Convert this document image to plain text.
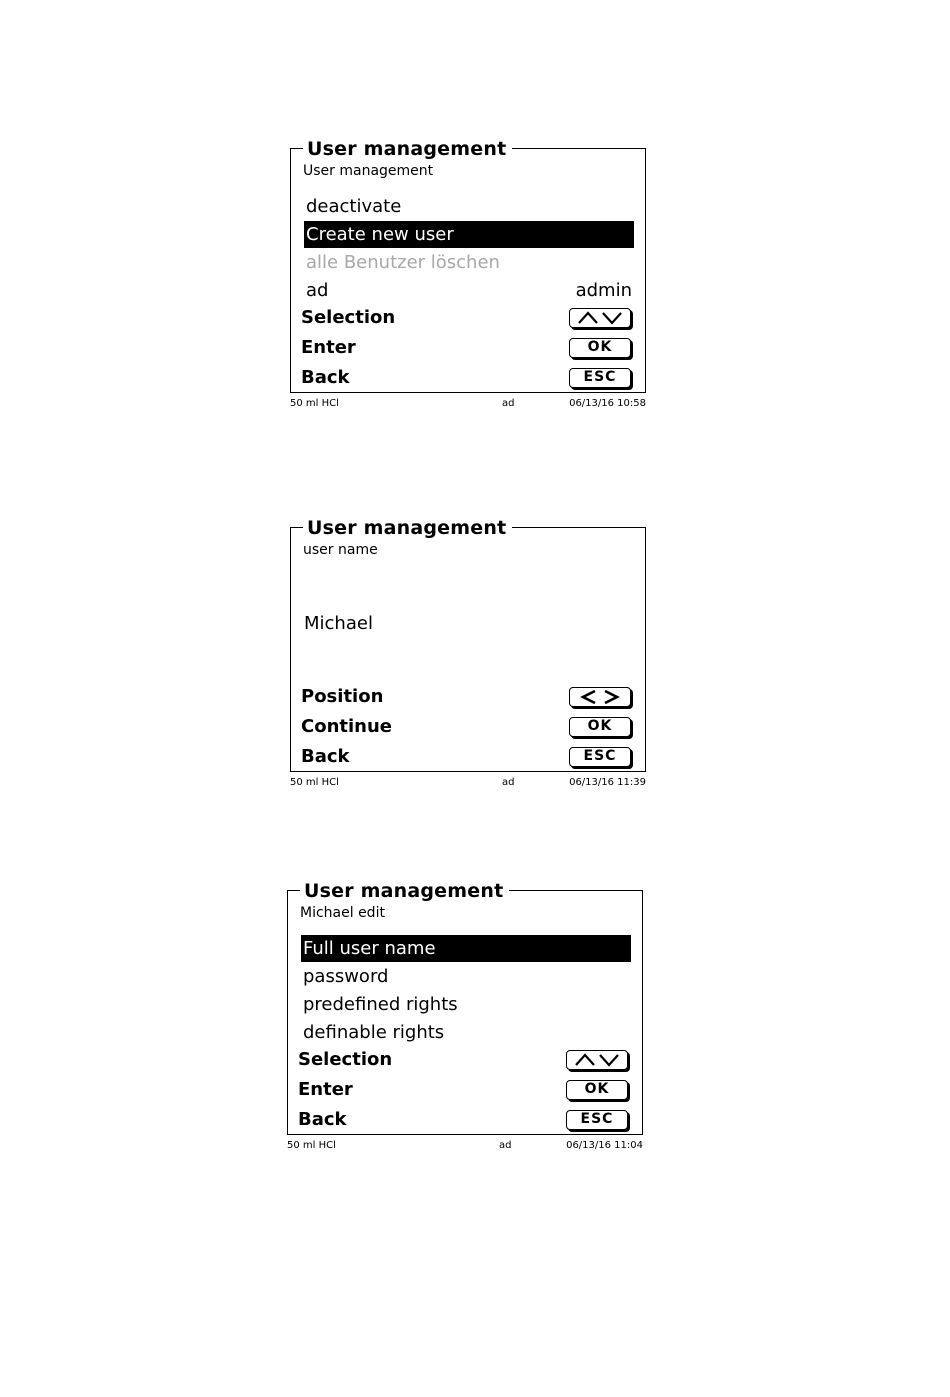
User management
User management
deactivate
Create new user
alle Benutzer löschen
ad	admin
Selection
Enter	OK
Back	ESC
50 ml HCl	ad	06/13/16 10:58
User management
user name
Michael
Position
Continue	OK
Back	ESC
50 ml HCl	ad	06/13/16 11:39
User management
Michael edit
Full user name
password
predefined rights
definable rights
Selection
Enter	OK
Back	ESC
50 ml HCl	ad	06/13/16 11:04
